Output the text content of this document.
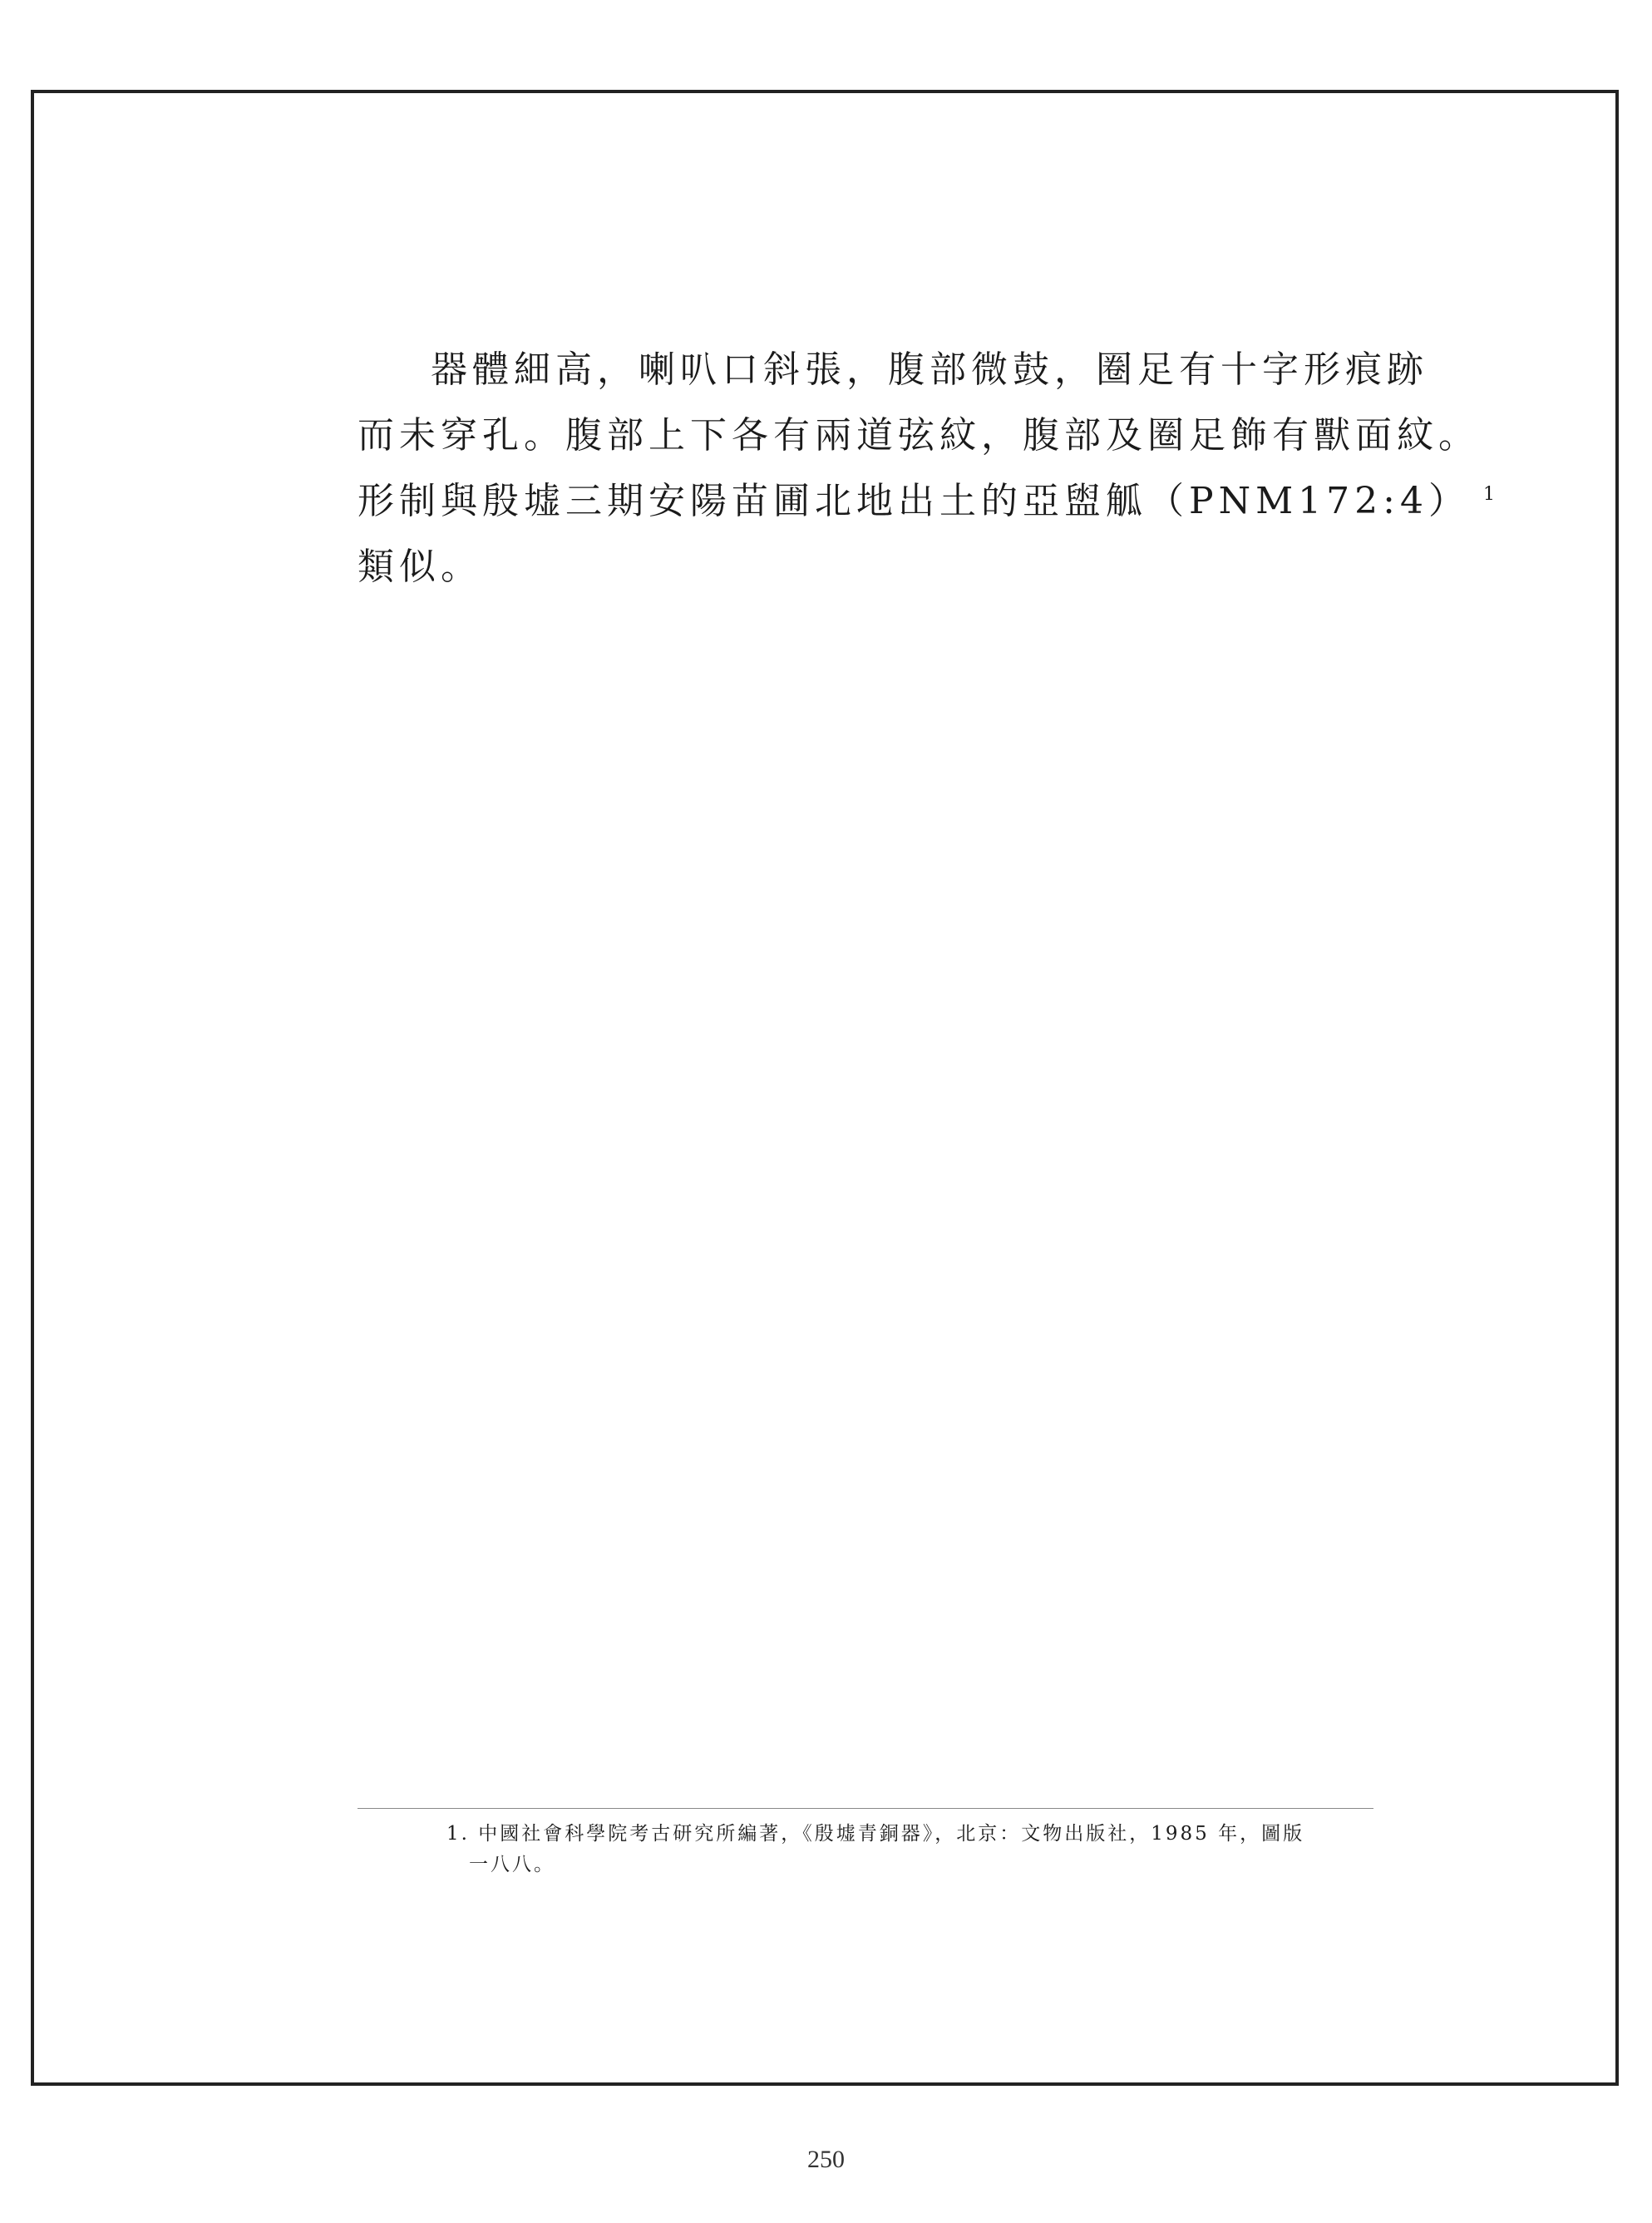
器體細高，喇叭口斜張，腹部微鼓，圈足有十字形痕跡
而未穿孔。腹部上下各有兩道弦紋，腹部及圈足飾有獸面紋。
形制與殷墟三期安陽苗圃北地出土的亞盥觚（PNM172:4） $^1$
類似。

1. 中國社會科學院考古研究所編著，《殷墟青銅器》，北京：文物出版社，1985 年，圖版
一八八。
250
